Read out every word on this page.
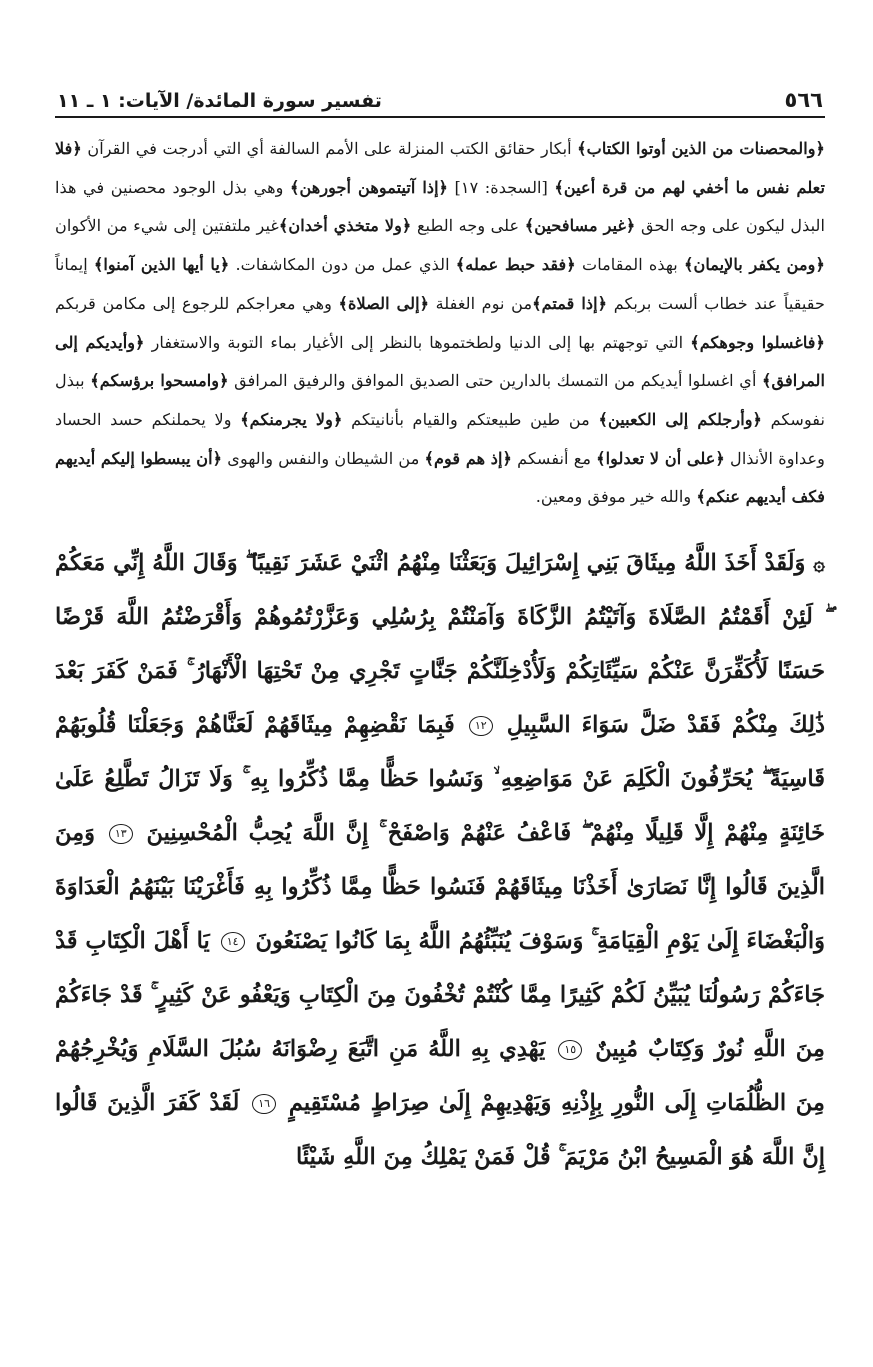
٥٦٦
تفسير سورة المائدة/ الآيات: ١ ـ ١١
﴿والمحصنات من الذين أوتوا الكتاب﴾ أبكار حقائق الكتب المنزلة على الأمم السالفة أي التي أدرجت في القرآن ﴿فلا تعلم نفس ما أخفي لهم من قرة أعين﴾ [السجدة: ١٧] ﴿إذا آتيتموهن أجورهن﴾ وهي بذل الوجود محصنين في هذا البذل ليكون على وجه الحق ﴿غير مسافحين﴾ على وجه الطبع ﴿ولا متخذي أخدان﴾غير ملتفتين إلى شيء من الأكوان ﴿ومن يكفر بالإيمان﴾ بهذه المقامات ﴿فقد حبط عمله﴾ الذي عمل من دون المكاشفات. ﴿يا أيها الذين آمنوا﴾ إيماناً حقيقياً عند خطاب ألست بربكم ﴿إذا قمتم﴾من نوم الغفلة ﴿إلى الصلاة﴾ وهي معراجكم للرجوع إلى مكامن قربكم ﴿فاغسلوا وجوهكم﴾ التي توجهتم بها إلى الدنيا ولطختموها بالنظر إلى الأغيار بماء التوبة والاستغفار ﴿وأيديكم إلى المرافق﴾ أي اغسلوا أيديكم من التمسك بالدارين حتى الصديق الموافق والرفيق المرافق ﴿وامسحوا برؤسكم﴾ ببذل نفوسكم ﴿وأرجلكم إلى الكعبين﴾ من طين طبيعتكم والقيام بأنانيتكم ﴿ولا يجرمنكم﴾ ولا يحملنكم حسد الحساد وعداوة الأنذال ﴿على أن لا تعدلوا﴾ مع أنفسكم ﴿إذ هم قوم﴾ من الشيطان والنفس والهوى ﴿أن يبسطوا إليكم أيديهم فكف أيديهم عنكم﴾ والله خير موفق ومعين.
۞ وَلَقَدْ أَخَذَ اللَّهُ مِيثَاقَ بَنِي إِسْرَائِيلَ وَبَعَثْنَا مِنْهُمُ اثْنَيْ عَشَرَ نَقِيبًا ۖ وَقَالَ اللَّهُ إِنِّي مَعَكُمْ ۖ لَئِنْ أَقَمْتُمُ الصَّلَاةَ وَآتَيْتُمُ الزَّكَاةَ وَآمَنْتُمْ بِرُسُلِي وَعَزَّرْتُمُوهُمْ وَأَقْرَضْتُمُ اللَّهَ قَرْضًا حَسَنًا لَأُكَفِّرَنَّ عَنْكُمْ سَيِّئَاتِكُمْ وَلَأُدْخِلَنَّكُمْ جَنَّاتٍ تَجْرِي مِنْ تَحْتِهَا الْأَنْهَارُ ۚ فَمَنْ كَفَرَ بَعْدَ ذَٰلِكَ مِنْكُمْ فَقَدْ ضَلَّ سَوَاءَ السَّبِيلِ ١٢ فَبِمَا نَقْضِهِمْ مِيثَاقَهُمْ لَعَنَّاهُمْ وَجَعَلْنَا قُلُوبَهُمْ قَاسِيَةً ۖ يُحَرِّفُونَ الْكَلِمَ عَنْ مَوَاضِعِهِ ۙ وَنَسُوا حَظًّا مِمَّا ذُكِّرُوا بِهِ ۚ وَلَا تَزَالُ تَطَّلِعُ عَلَىٰ خَائِنَةٍ مِنْهُمْ إِلَّا قَلِيلًا مِنْهُمْ ۖ فَاعْفُ عَنْهُمْ وَاصْفَحْ ۚ إِنَّ اللَّهَ يُحِبُّ الْمُحْسِنِينَ ١٣ وَمِنَ الَّذِينَ قَالُوا إِنَّا نَصَارَىٰ أَخَذْنَا مِيثَاقَهُمْ فَنَسُوا حَظًّا مِمَّا ذُكِّرُوا بِهِ فَأَغْرَيْنَا بَيْنَهُمُ الْعَدَاوَةَ وَالْبَغْضَاءَ إِلَىٰ يَوْمِ الْقِيَامَةِ ۚ وَسَوْفَ يُنَبِّئُهُمُ اللَّهُ بِمَا كَانُوا يَصْنَعُونَ ١٤ يَا أَهْلَ الْكِتَابِ قَدْ جَاءَكُمْ رَسُولُنَا يُبَيِّنُ لَكُمْ كَثِيرًا مِمَّا كُنْتُمْ تُخْفُونَ مِنَ الْكِتَابِ وَيَعْفُو عَنْ كَثِيرٍ ۚ قَدْ جَاءَكُمْ مِنَ اللَّهِ نُورٌ وَكِتَابٌ مُبِينٌ ١٥ يَهْدِي بِهِ اللَّهُ مَنِ اتَّبَعَ رِضْوَانَهُ سُبُلَ السَّلَامِ وَيُخْرِجُهُمْ مِنَ الظُّلُمَاتِ إِلَى النُّورِ بِإِذْنِهِ وَيَهْدِيهِمْ إِلَىٰ صِرَاطٍ مُسْتَقِيمٍ ١٦ لَقَدْ كَفَرَ الَّذِينَ قَالُوا إِنَّ اللَّهَ هُوَ الْمَسِيحُ ابْنُ مَرْيَمَ ۚ قُلْ فَمَنْ يَمْلِكُ مِنَ اللَّهِ شَيْئًا
